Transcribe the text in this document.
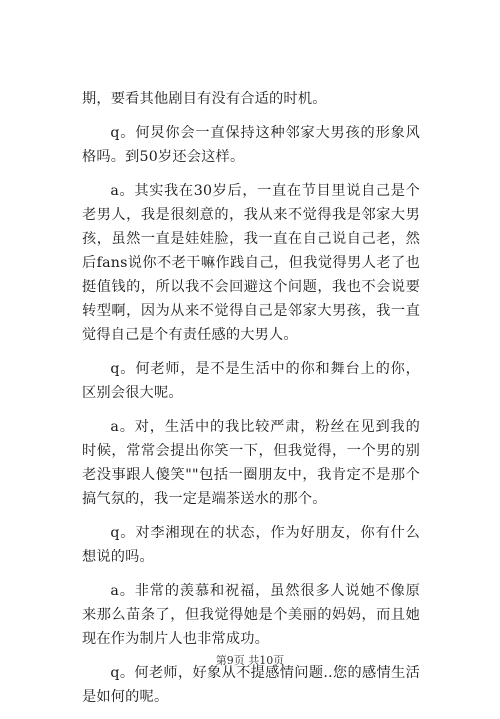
期，要看其他剧目有没有合适的时机。

q。何炅你会一直保持这种邻家大男孩的形象风格吗。到50岁还会这样。

a。其实我在30岁后，一直在节目里说自己是个老男人，我是很刻意的，我从来不觉得我是邻家大男孩，虽然一直是娃娃脸，我一直在自己说自己老，然后fans说你不老干嘛作践自己，但我觉得男人老了也挺值钱的，所以我不会回避这个问题，我也不会说要转型啊，因为从来不觉得自己是邻家大男孩，我一直觉得自己是个有责任感的大男人。

q。何老师，是不是生活中的你和舞台上的你，区别会很大呢。

a。对，生活中的我比较严肃，粉丝在见到我的时候，常常会提出你笑一下，但我觉得，一个男的别老没事跟人傻笑""包括一圈朋友中，我肯定不是那个搞气氛的，我一定是端茶送水的那个。

q。对李湘现在的状态，作为好朋友，你有什么想说的吗。

a。非常的羡慕和祝福，虽然很多人说她不像原来那么苗条了，但我觉得她是个美丽的妈妈，而且她现在作为制片人也非常成功。

q。何老师，好象从不提感情问题..您的感情生活是如何的呢。

第9页 共10页
